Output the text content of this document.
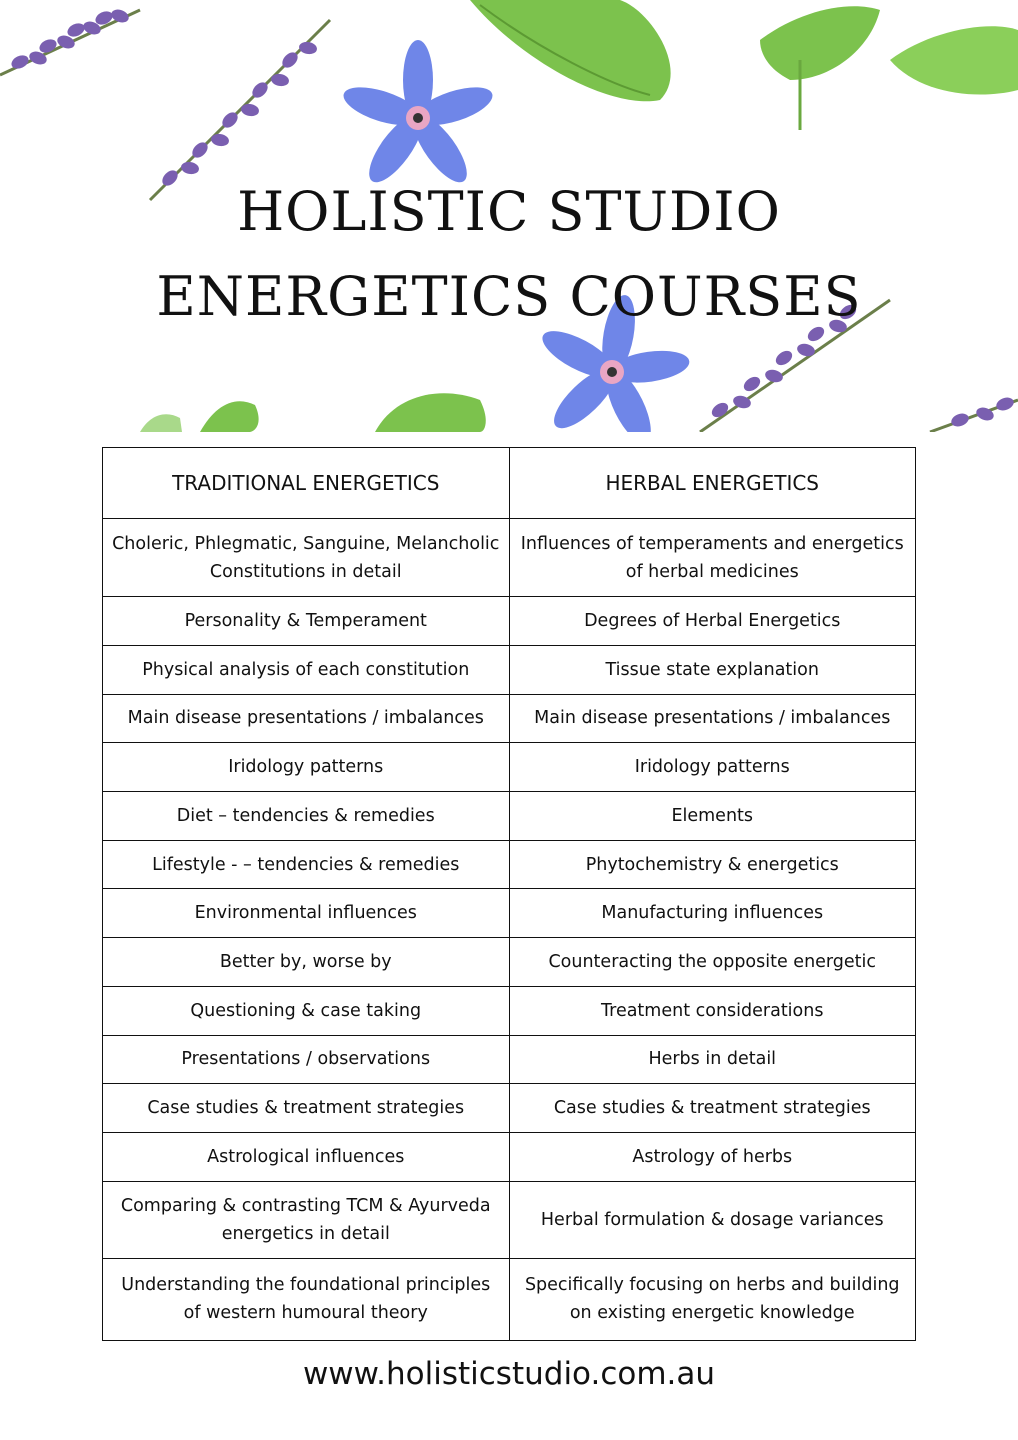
HOLISTIC STUDIO
ENERGETICS COURSES
TRADITIONAL ENERGETICS	HERBAL ENERGETICS
Choleric, Phlegmatic, Sanguine, Melancholic Constitutions in detail	Influences of temperaments and energetics of herbal medicines
Personality & Temperament	Degrees of Herbal Energetics
Physical analysis of each constitution	Tissue state explanation
Main disease presentations / imbalances	Main disease presentations / imbalances
Iridology patterns	Iridology patterns
Diet – tendencies & remedies	Elements
Lifestyle - – tendencies & remedies	Phytochemistry & energetics
Environmental influences	Manufacturing influences
Better by, worse by	Counteracting the opposite energetic
Questioning & case taking	Treatment considerations
Presentations / observations	Herbs in detail
Case studies & treatment strategies	Case studies & treatment strategies
Astrological influences	Astrology of herbs
Comparing & contrasting TCM & Ayurveda energetics in detail	Herbal formulation & dosage variances
Understanding the foundational principles of western humoural theory	Specifically focusing on herbs and building on existing energetic knowledge
www.holisticstudio.com.au
